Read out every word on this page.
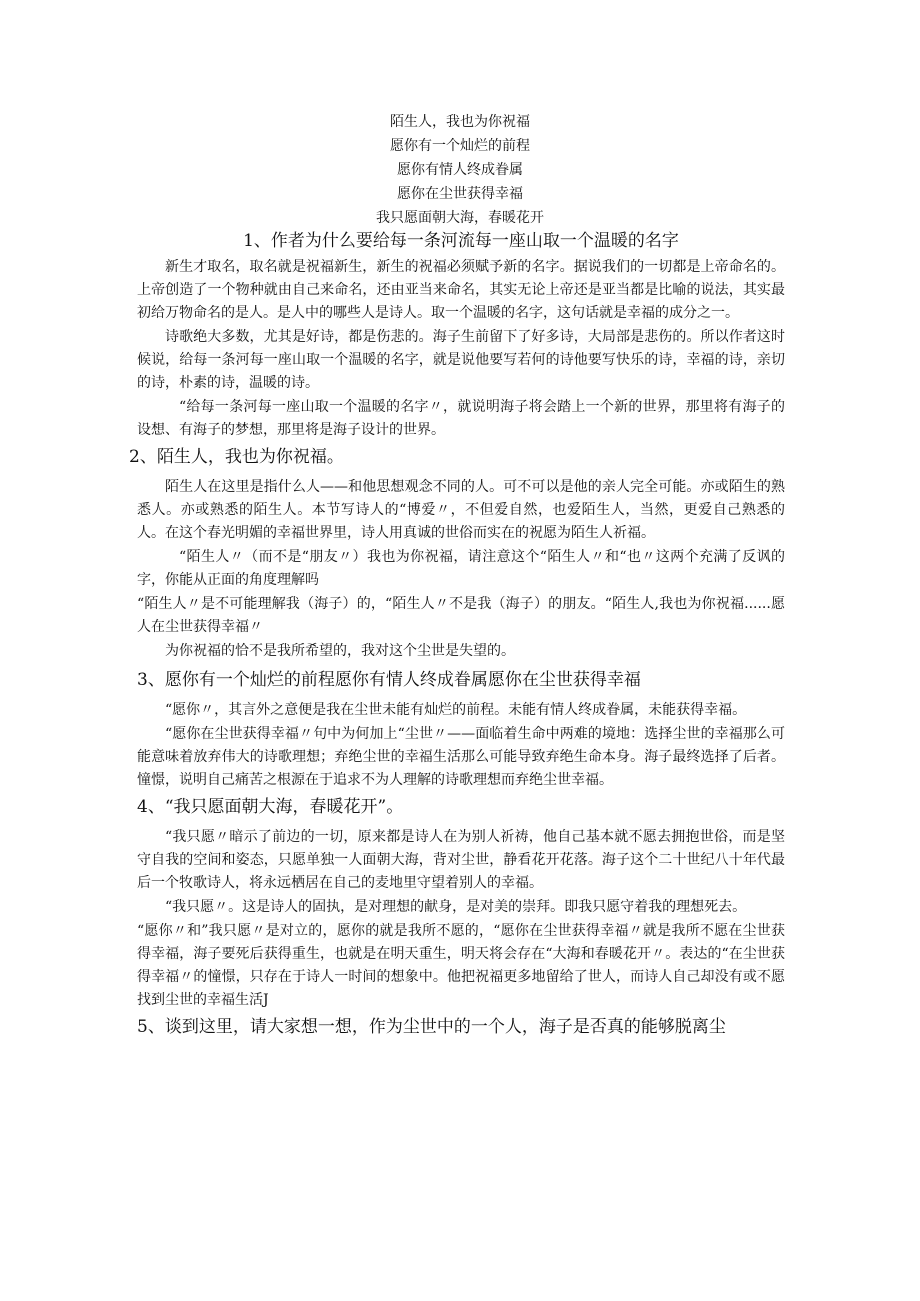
陌生人，我也为你祝福
愿你有一个灿烂的前程
愿你有情人终成眷属
愿你在尘世获得幸福
我只愿面朝大海，春暖花开
1、作者为什么要给每一条河流每一座山取一个温暖的名字

新生才取名，取名就是祝福新生，新生的祝福必须赋予新的名字。据说我们的一切都是上帝命名的。上帝创造了一个物种就由自己来命名，还由亚当来命名，其实无论上帝还是亚当都是比喻的说法，其实最初给万物命名的是人。是人中的哪些人是诗人。取一个温暖的名字，这句话就是幸福的成分之一。

诗歌绝大多数，尤其是好诗，都是伤悲的。海子生前留下了好多诗，大局部是悲伤的。所以作者这时候说，给每一条河每一座山取一个温暖的名字，就是说他要写若何的诗他要写快乐的诗，幸福的诗，亲切的诗，朴素的诗，温暖的诗。

“给每一条河每一座山取一个温暖的名字〃，就说明海子将会踏上一个新的世界，那里将有海子的设想、有海子的梦想，那里将是海子设计的世界。

2、陌生人，我也为你祝福。

陌生人在这里是指什么人——和他思想观念不同的人。可不可以是他的亲人完全可能。亦或陌生的熟悉人。亦或熟悉的陌生人。本节写诗人的“博爱〃，不但爱自然，也爱陌生人，当然，更爱自己熟悉的人。在这个春光明媚的幸福世界里，诗人用真诚的世俗而实在的祝愿为陌生人祈福。

“陌生人〃（而不是“朋友〃）我也为你祝福，请注意这个“陌生人〃和“也〃这两个充满了反讽的字，你能从正面的角度理解吗

“陌生人〃是不可能理解我（海子）的，“陌生人〃不是我（海子）的朋友。“陌生人,我也为你祝福......愿人在尘世获得幸福〃

为你祝福的恰不是我所希望的，我对这个尘世是失望的。

3、愿你有一个灿烂的前程愿你有情人终成眷属愿你在尘世获得幸福

“愿你〃，其言外之意便是我在尘世未能有灿烂的前程。未能有情人终成眷属，未能获得幸福。

“愿你在尘世获得幸福〃句中为何加上“尘世〃——面临着生命中两难的境地：选择尘世的幸福那么可能意味着放弃伟大的诗歌理想；弃绝尘世的幸福生活那么可能导致弃绝生命本身。海子最终选择了后者。憧憬，说明自己痛苦之根源在于追求不为人理解的诗歌理想而弃绝尘世幸福。

4、“我只愿面朝大海，春暖花开”。

“我只愿〃暗示了前边的一切，原来都是诗人在为别人祈祷，他自己基本就不愿去拥抱世俗，而是坚守自我的空间和姿态，只愿单独一人面朝大海，背对尘世，静看花开花落。海子这个二十世纪八十年代最后一个牧歌诗人，将永远栖居在自己的麦地里守望着别人的幸福。

“我只愿〃。这是诗人的固执，是对理想的献身，是对美的崇拜。即我只愿守着我的理想死去。

“愿你〃和”我只愿〃是对立的，愿你的就是我所不愿的，“愿你在尘世获得幸福〃就是我所不愿在尘世获得幸福，海子要死后获得重生，也就是在明天重生，明天将会存在“大海和春暖花开〃。表达的“在尘世获得幸福〃的憧憬，只存在于诗人一时间的想象中。他把祝福更多地留给了世人，而诗人自己却没有或不愿找到尘世的幸福生活J

5、谈到这里，请大家想一想，作为尘世中的一个人，海子是否真的能够脱离尘
